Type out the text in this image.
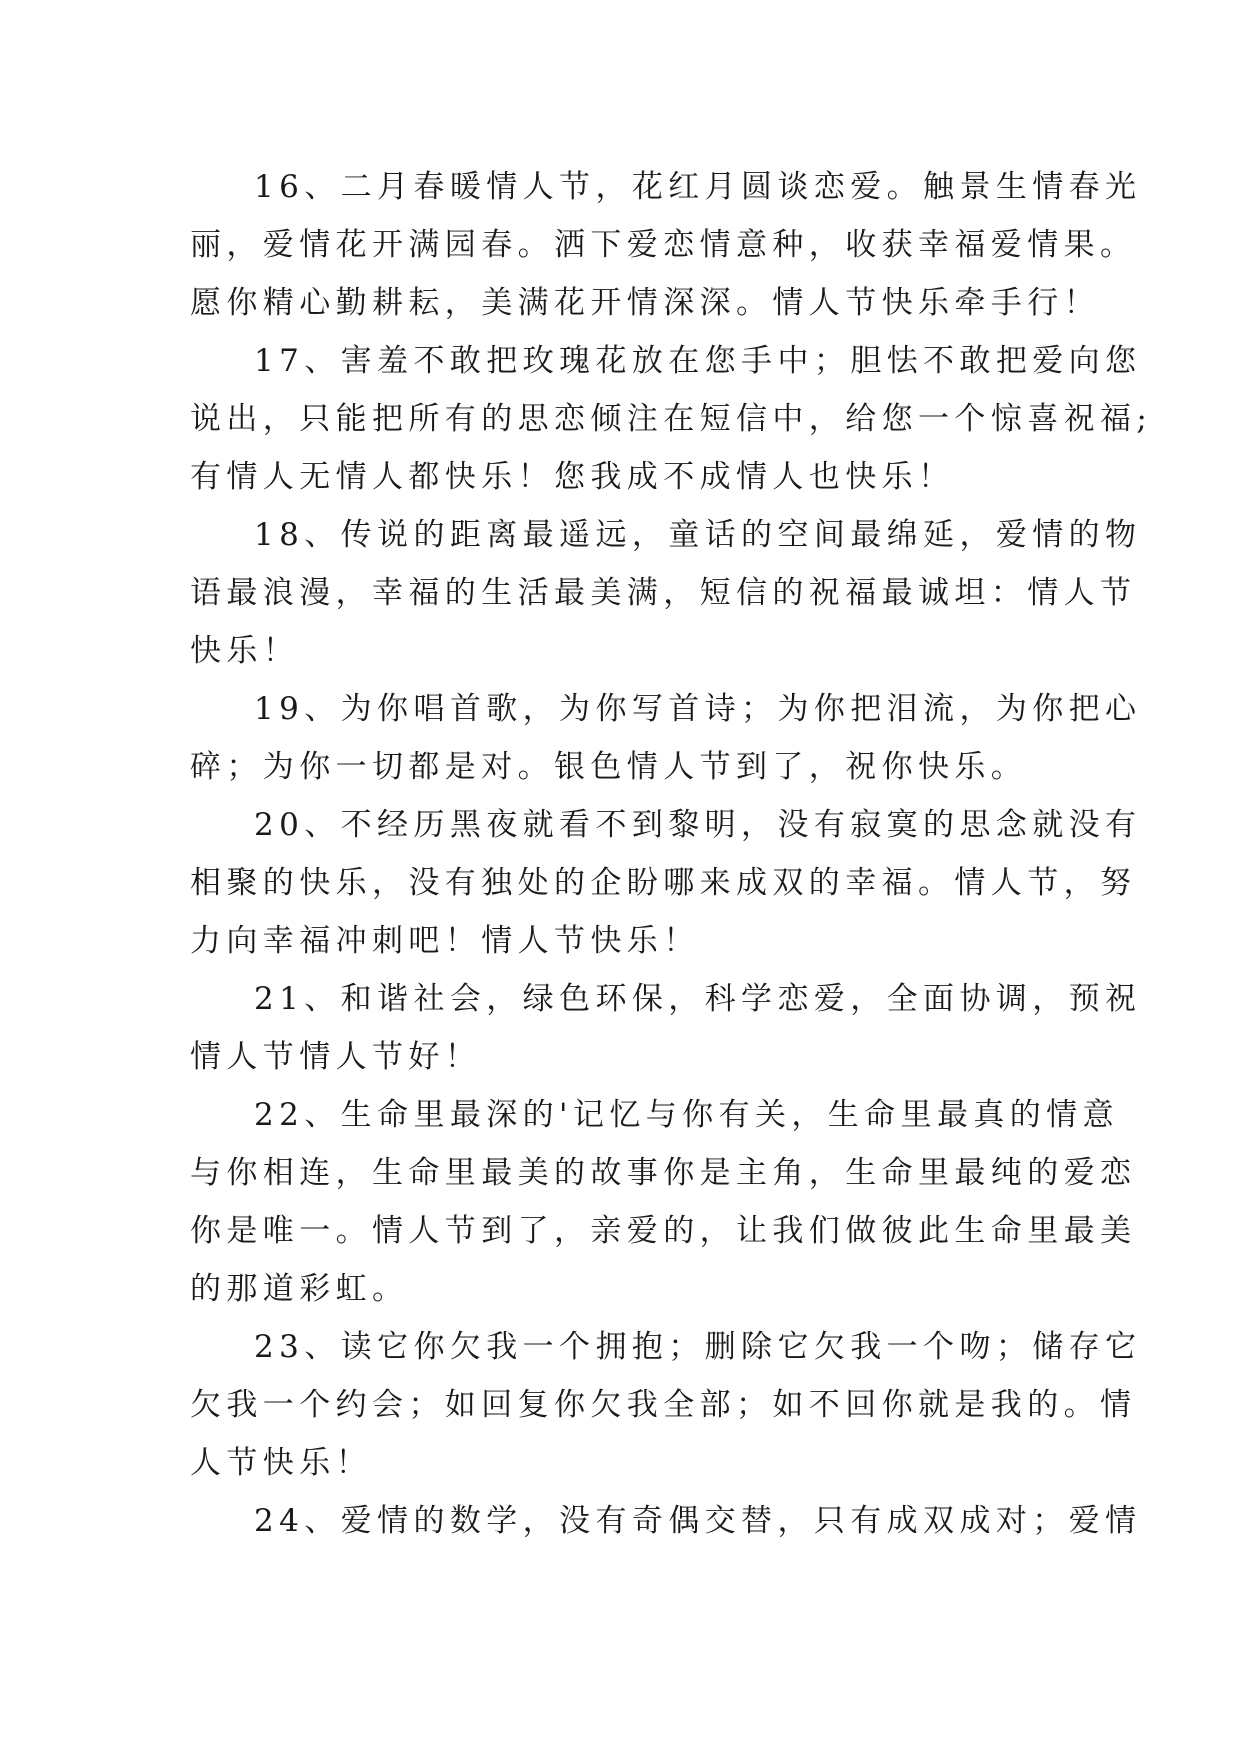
16、二月春暖情人节，花红月圆谈恋爱。触景生情春光
丽，爱情花开满园春。洒下爱恋情意种，收获幸福爱情果。
愿你精心勤耕耘，美满花开情深深。情人节快乐牵手行！
17、害羞不敢把玫瑰花放在您手中；胆怯不敢把爱向您
说出，只能把所有的思恋倾注在短信中，给您一个惊喜祝福;
有情人无情人都快乐！您我成不成情人也快乐！
18、传说的距离最遥远，童话的空间最绵延，爱情的物
语最浪漫，幸福的生活最美满，短信的祝福最诚坦：情人节
快乐！
19、为你唱首歌，为你写首诗；为你把泪流，为你把心
碎；为你一切都是对。银色情人节到了，祝你快乐。
20、不经历黑夜就看不到黎明，没有寂寞的思念就没有
相聚的快乐，没有独处的企盼哪来成双的幸福。情人节，努
力向幸福冲刺吧！情人节快乐！
21、和谐社会，绿色环保，科学恋爱，全面协调，预祝
情人节情人节好！
22、生命里最深的'记忆与你有关，生命里最真的情意
与你相连，生命里最美的故事你是主角，生命里最纯的爱恋
你是唯一。情人节到了，亲爱的，让我们做彼此生命里最美
的那道彩虹。
23、读它你欠我一个拥抱；删除它欠我一个吻；储存它
欠我一个约会；如回复你欠我全部；如不回你就是我的。情
人节快乐！
24、爱情的数学，没有奇偶交替，只有成双成对；爱情
